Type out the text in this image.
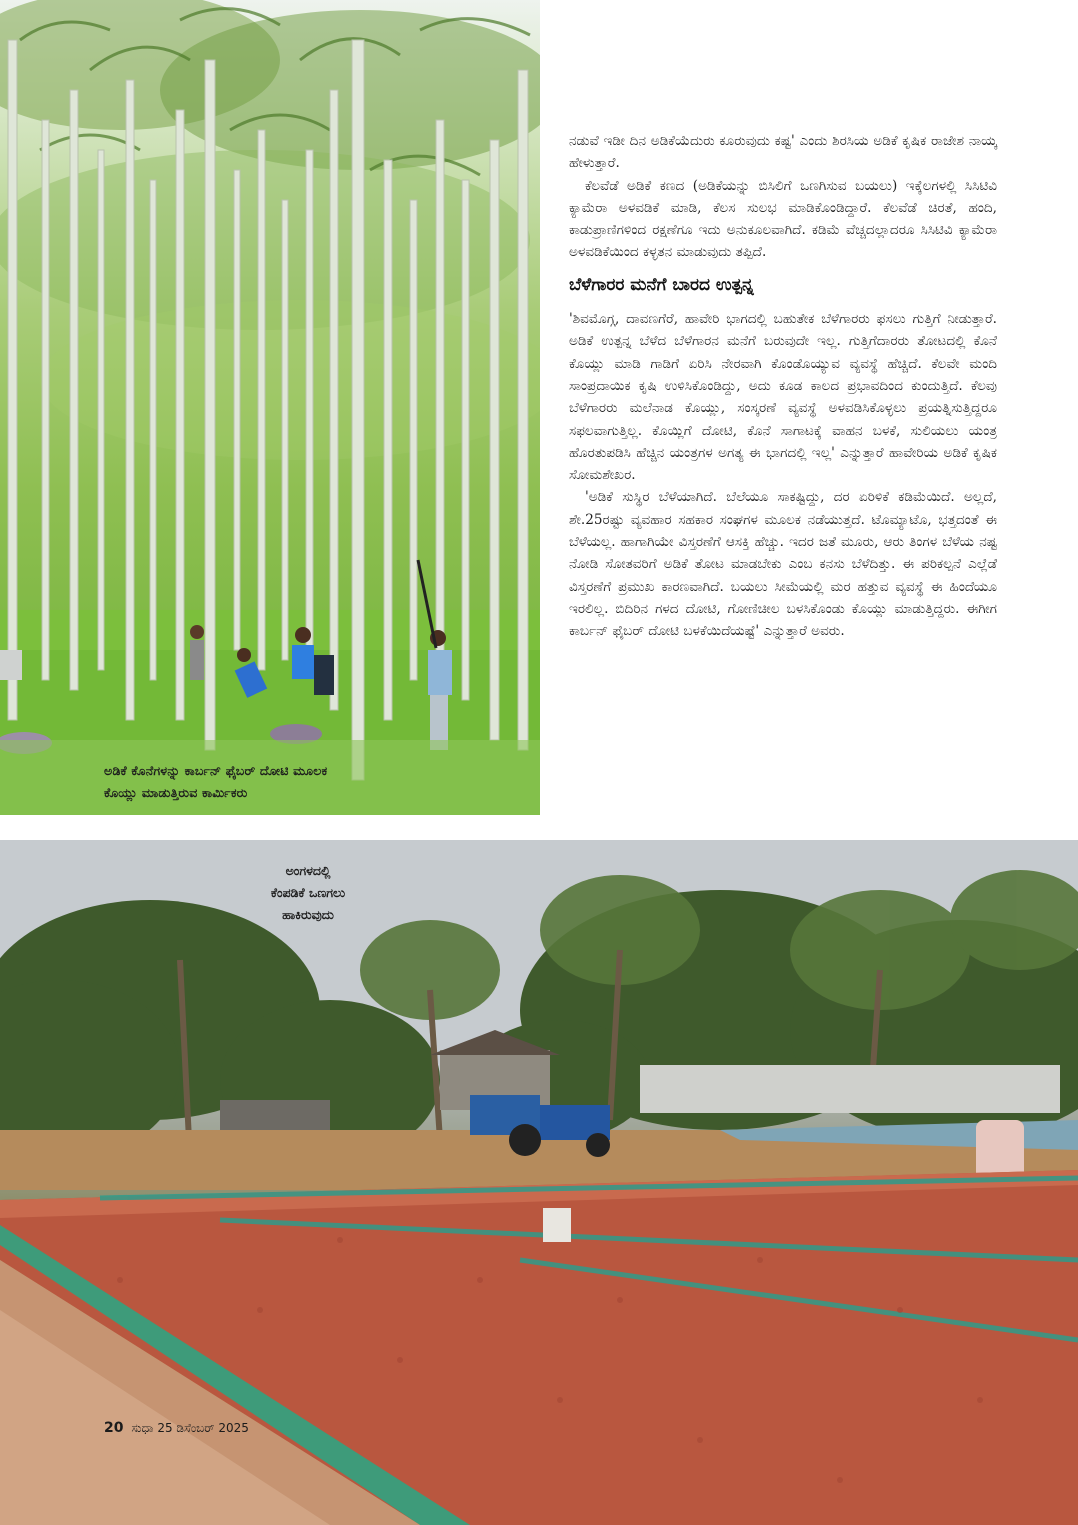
ಅಡಿಕೆ ಕೊನೆಗಳನ್ನು ಕಾರ್ಬನ್ ಫೈಬರ್ ದೋಟಿ ಮೂಲಕ
ಕೊಯ್ಲು ಮಾಡುತ್ತಿರುವ ಕಾರ್ಮಿಕರು

ನಡುವೆ ಇಡೀ ದಿನ ಅಡಿಕೆಯೆದುರು ಕೂರುವುದು ಕಷ್ಟ' ಎಂದು ಶಿರಸಿಯ ಅಡಿಕೆ ಕೃಷಿಕ ರಾಜೇಶ ನಾಯ್ಕ ಹೇಳುತ್ತಾರೆ.

ಕೆಲವೆಡೆ ಅಡಿಕೆ ಕಣದ (ಅಡಿಕೆಯನ್ನು ಬಿಸಿಲಿಗೆ ಒಣಗಿಸುವ ಬಯಲು) ಇಕ್ಕೆಲಗಳಲ್ಲಿ ಸಿಸಿಟಿವಿ ಕ್ಯಾಮೆರಾ ಅಳವಡಿಕೆ ಮಾಡಿ, ಕೆಲಸ ಸುಲಭ ಮಾಡಿಕೊಂಡಿದ್ದಾರೆ. ಕೆಲವೆಡೆ ಚಿರತೆ, ಹಂದಿ, ಕಾಡುಪ್ರಾಣಿಗಳಿಂದ ರಕ್ಷಣೆಗೂ ಇದು ಅನುಕೂಲವಾಗಿದೆ. ಕಡಿಮೆ ವೆಚ್ಚದಲ್ಲಾದರೂ ಸಿಸಿಟಿವಿ ಕ್ಯಾಮೆರಾ ಅಳವಡಿಕೆಯಿಂದ ಕಳ್ಳತನ ಮಾಡುವುದು ತಪ್ಪಿದೆ.

ಬೆಳೆಗಾರರ ಮನೆಗೆ ಬಾರದ ಉತ್ಪನ್ನ

'ಶಿವಮೊಗ್ಗ, ದಾವಣಗೆರೆ, ಹಾವೇರಿ ಭಾಗದಲ್ಲಿ ಬಹುತೇಕ ಬೆಳೆಗಾರರು ಫಸಲು ಗುತ್ತಿಗೆ ನೀಡುತ್ತಾರೆ. ಅಡಿಕೆ ಉತ್ಪನ್ನ ಬೆಳೆದ ಬೆಳೆಗಾರನ ಮನೆಗೆ ಬರುವುದೇ ಇಲ್ಲ. ಗುತ್ತಿಗೆದಾರರು ತೋಟದಲ್ಲಿ ಕೊನೆ ಕೊಯ್ಲು ಮಾಡಿ ಗಾಡಿಗೆ ಏರಿಸಿ ನೇರವಾಗಿ ಕೊಂಡೊಯ್ಯುವ ವ್ಯವಸ್ಥೆ ಹೆಚ್ಚಿದೆ. ಕೆಲವೇ ಮಂದಿ ಸಾಂಪ್ರದಾಯಿಕ ಕೃಷಿ ಉಳಿಸಿಕೊಂಡಿದ್ದು, ಅದು ಕೂಡ ಕಾಲದ ಪ್ರಭಾವದಿಂದ ಕುಂದುತ್ತಿದೆ. ಕೆಲವು ಬೆಳೆಗಾರರು ಮಲೆನಾಡ ಕೊಯ್ಲು, ಸಂಸ್ಕರಣೆ ವ್ಯವಸ್ಥೆ ಅಳವಡಿಸಿಕೊಳ್ಳಲು ಪ್ರಯತ್ನಿಸುತ್ತಿದ್ದರೂ ಸಫಲವಾಗುತ್ತಿಲ್ಲ. ಕೊಯ್ಲಿಗೆ ದೋಟಿ, ಕೊನೆ ಸಾಗಾಟಕ್ಕೆ ವಾಹನ ಬಳಕೆ, ಸುಲಿಯಲು ಯಂತ್ರ ಹೊರತುಪಡಿಸಿ ಹೆಚ್ಚಿನ ಯಂತ್ರಗಳ ಅಗತ್ಯ ಈ ಭಾಗದಲ್ಲಿ ಇಲ್ಲ' ಎನ್ನುತ್ತಾರೆ ಹಾವೇರಿಯ ಅಡಿಕೆ ಕೃಷಿಕ ಸೋಮಶೇಖರ.

'ಅಡಿಕೆ ಸುಸ್ಥಿರ ಬೆಳೆಯಾಗಿದೆ. ಬೆಲೆಯೂ ಸಾಕಷ್ಟಿದ್ದು, ದರ ಏರಿಳಿಕೆ ಕಡಿಮೆಯಿದೆ. ಅಲ್ಲದೆ, ಶೇ.25ರಷ್ಟು ವ್ಯವಹಾರ ಸಹಕಾರ ಸಂಘಗಳ ಮೂಲಕ ನಡೆಯುತ್ತದೆ. ಟೊಮ್ಯಾಟೊ, ಭತ್ತದಂತೆ ಈ ಬೆಳೆಯಲ್ಲ. ಹಾಗಾಗಿಯೇ ವಿಸ್ತರಣೆಗೆ ಆಸಕ್ತಿ ಹೆಚ್ಚು. ಇದರ ಜತೆ ಮೂರು, ಆರು ತಿಂಗಳ ಬೆಳೆಯ ನಷ್ಟ ನೋಡಿ ಸೋತವರಿಗೆ ಅಡಿಕೆ ತೋಟ ಮಾಡಬೇಕು ಎಂಬ ಕನಸು ಬೆಳೆದಿತ್ತು. ಈ ಪರಿಕಲ್ಪನೆ ಎಲ್ಲೆಡೆ ವಿಸ್ತರಣೆಗೆ ಪ್ರಮುಖ ಕಾರಣವಾಗಿದೆ. ಬಯಲು ಸೀಮೆಯಲ್ಲಿ ಮರ ಹತ್ತುವ ವ್ಯವಸ್ಥೆ ಈ ಹಿಂದೆಯೂ ಇರಲಿಲ್ಲ. ಬಿದಿರಿನ ಗಳದ ದೋಟಿ, ಗೋಣಿಚೀಲ ಬಳಸಿಕೊಂಡು ಕೊಯ್ಲು ಮಾಡುತ್ತಿದ್ದರು. ಈಗೀಗ ಕಾರ್ಬನ್ ಫೈಬರ್ ದೋಟಿ ಬಳಕೆಯಿದೆಯಷ್ಟೆ' ಎನ್ನುತ್ತಾರೆ ಅವರು.

ಅಂಗಳದಲ್ಲಿ
ಕೆಂಪಡಿಕೆ ಒಣಗಲು
ಹಾಕಿರುವುದು
20 ಸುಧಾ 25 ಡಿಸೆಂಬರ್ 2025
